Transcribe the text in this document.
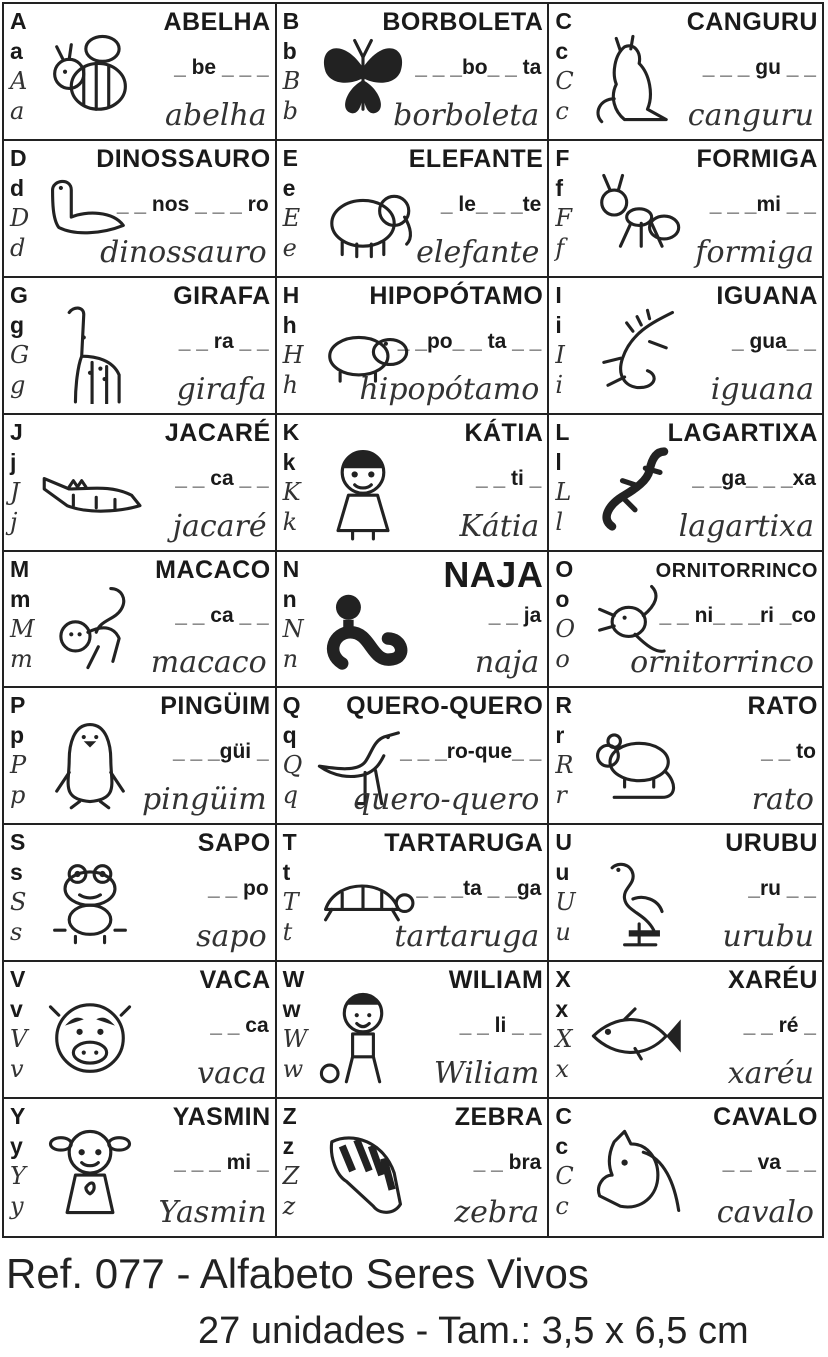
A
a
A
a
ABELHA
_ be _ _ _
abelha
B
b
B
b
BORBOLETA
_ _ _bo_ _ ta
borboleta
C
c
C
c
CANGURU
_ _ _ gu _ _
canguru
D
d
D
d
DINOSSAURO
_ _ nos _ _ _ ro
dinossauro
E
e
E
e
ELEFANTE
_ le_ _ _te
elefante
F
f
F
f
FORMIGA
_ _ _mi _ _
formiga
G
g
G
g
GIRAFA
_ _ ra _ _
girafa
H
h
H
h
HIPOPÓTAMO
_ _po_ _ ta _ _
hipopótamo
I
i
I
i
IGUANA
_ gua_ _
iguana
J
j
J
j
JACARÉ
_ _ ca _ _
jacaré
K
k
K
k
KÁTIA
_ _ ti _
Kátia
L
l
L
l
LAGARTIXA
_ _ga_ _ _xa
lagartixa
M
m
M
m
MACACO
_ _ ca _ _
macaco
N
n
N
n
NAJA
_ _ ja
naja
O
o
O
o
ORNITORRINCO
_ _ ni_ _ _ri _co
ornitorrinco
P
p
P
p
PINGÜIM
_ _ _güi _
pingüim
Q
q
Q
q
QUERO-QUERO
_ _ _ro-que_ _
quero-quero
R
r
R
r
RATO
_ _ to
rato
S
s
S
s
SAPO
_ _ po
sapo
T
t
T
t
TARTARUGA
_ _ _ta _ _ga
tartaruga
U
u
U
u
URUBU
_ru _ _
urubu
V
v
V
v
VACA
_ _ ca
vaca
W
w
W
w
WILIAM
_ _ li _ _
Wiliam
X
x
X
x
XARÉU
_ _ ré _
xaréu
Y
y
Y
y
YASMIN
_ _ _ mi _
Yasmin
Z
z
Z
z
ZEBRA
_ _ bra
zebra
C
c
C
c
CAVALO
_ _ va _ _
cavalo
Ref. 077 - Alfabeto Seres Vivos
27 unidades - Tam.: 3,5 x 6,5 cm
